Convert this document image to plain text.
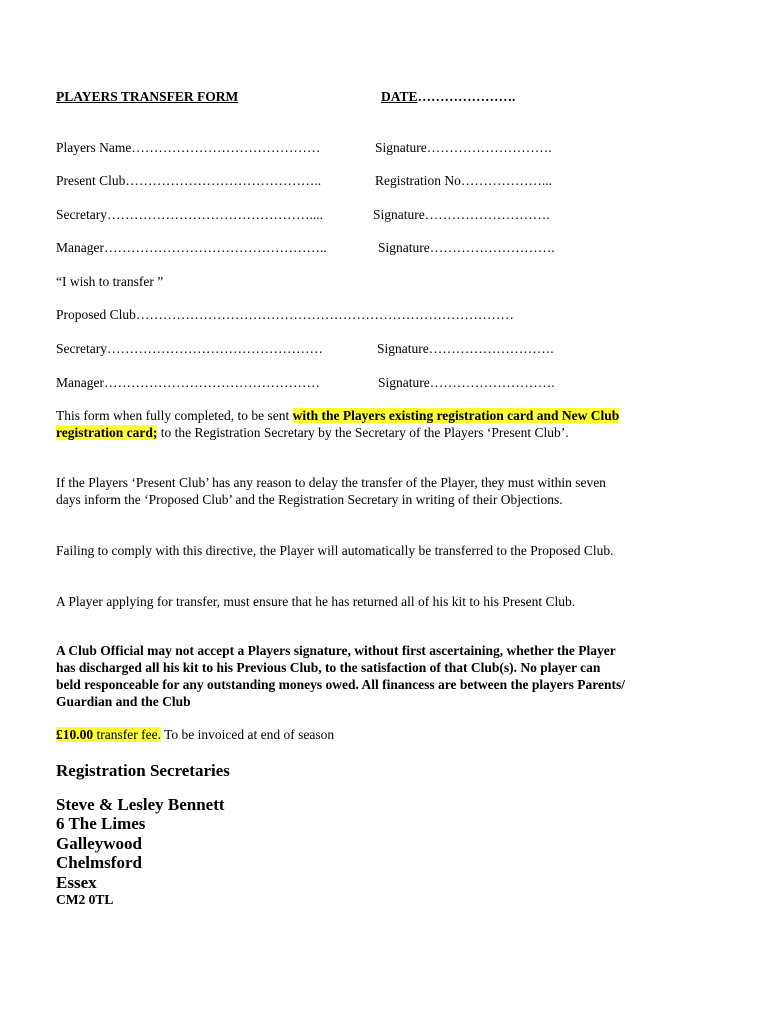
PLAYERS TRANSFER FORM	DATE………………….
Players Name……………………………………	Signature……………………….
Present Club……………………………………..	Registration No………………...
Secretary………………………………………....	Signature……………………….
Manager…………………………………………..	Signature……………………….
“I wish to transfer ”
Proposed Club…………………………………………………………………………
Secretary…………………………………………	Signature……………………….
Manager…………………………………………	Signature……………………….
This form when fully completed, to be sent with the Players existing registration card and New Club registration card; to the Registration Secretary by the Secretary of the Players ‘Present Club’.
If the Players ‘Present Club’ has any reason to delay the transfer of the Player, they must within seven days inform the ‘Proposed Club’ and the Registration Secretary in writing of their Objections.
Failing to comply with this directive, the Player will automatically be transferred to the Proposed Club.
A Player applying for transfer, must ensure that he has returned all of his kit to his Present Club.
A Club Official may not accept a Players signature, without first ascertaining, whether the Player has discharged all his kit to his Previous Club, to the satisfaction of that Club(s). No player can beld responceable for any outstanding moneys owed. All financess are between the players Parents/ Guardian and the Club
£10.00 transfer fee. To be invoiced at end of season
Registration Secretaries
Steve & Lesley Bennett
6 The Limes
Galleywood
Chelmsford
Essex
CM2 0TL
